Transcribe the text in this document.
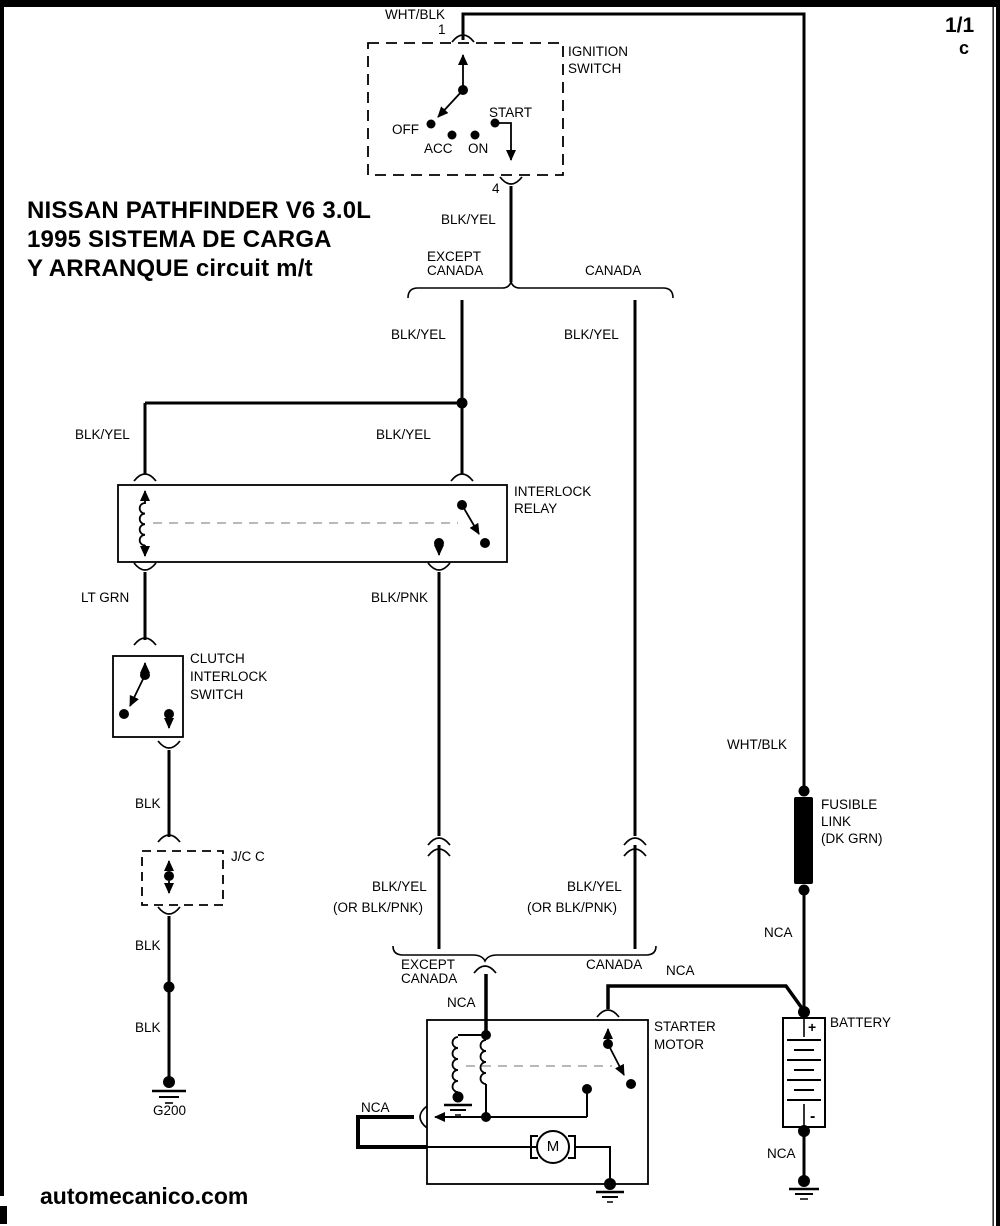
WHT/BLK
1
IGNITION
SWITCH
START
OFF
ACC ON
4
1/1
c
NISSAN PATHFINDER V6 3.0L
1995 SISTEMA DE CARGA
Y ARRANQUE circuit m/t
BLK/YEL
EXCEPT
CANADA	CANADA
BLK/YEL	BLK/YEL
BLK/YEL	BLK/YEL
INTERLOCK
RELAY
LT GRN	BLK/PNK
CLUTCH
INTERLOCK
SWITCH
BLK
J/C C
BLK
BLK
G200
BLK/YEL
(OR BLK/PNK)
BLK/YEL
(OR BLK/PNK)
EXCEPT
CANADA
CANADA
NCA
NCA
STARTER
MOTOR
NCA
M
WHT/BLK
FUSIBLE
LINK
(DK GRN)
NCA
BATTERY
+
-
NCA
automecanico.com
